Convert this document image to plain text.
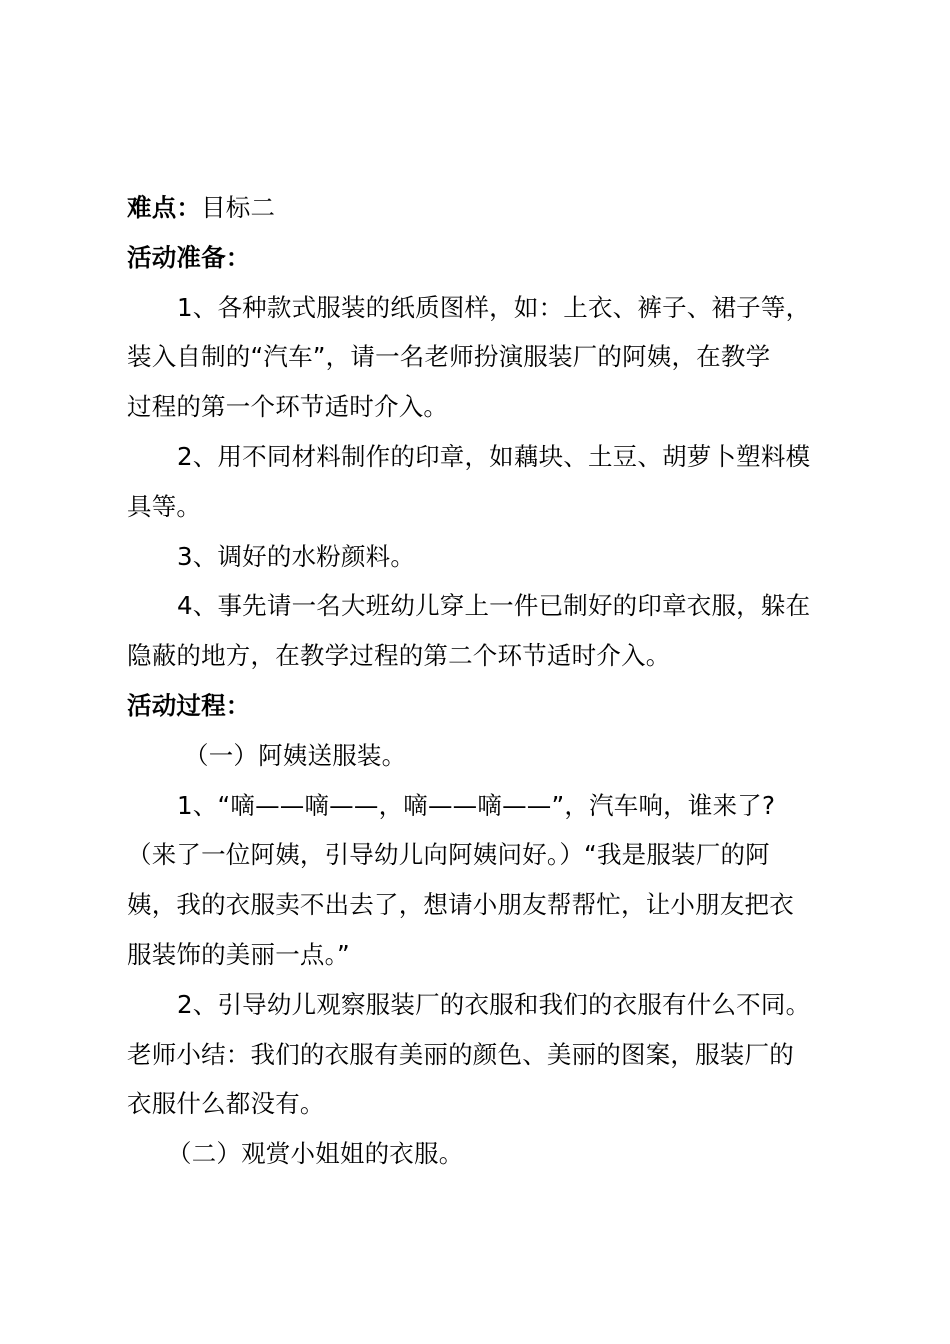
难点：目标二
活动准备：
1、各种款式服装的纸质图样，如：上衣、裤子、裙子等，
装入自制的“汽车”，请一名老师扮演服装厂的阿姨，在教学
过程的第一个环节适时介入。
2、用不同材料制作的印章，如藕块、土豆、胡萝卜塑料模
具等。
3、调好的水粉颜料。
4、事先请一名大班幼儿穿上一件已制好的印章衣服，躲在
隐蔽的地方，在教学过程的第二个环节适时介入。
活动过程：
（一）阿姨送服装。
1、“嘀——嘀——，嘀——嘀——”，汽车响，谁来了?
（来了一位阿姨，引导幼儿向阿姨问好。）“我是服装厂的阿
姨，我的衣服卖不出去了，想请小朋友帮帮忙，让小朋友把衣
服装饰的美丽一点。”
2、引导幼儿观察服装厂的衣服和我们的衣服有什么不同。
老师小结：我们的衣服有美丽的颜色、美丽的图案，服装厂的
衣服什么都没有。
（二）观赏小姐姐的衣服。
